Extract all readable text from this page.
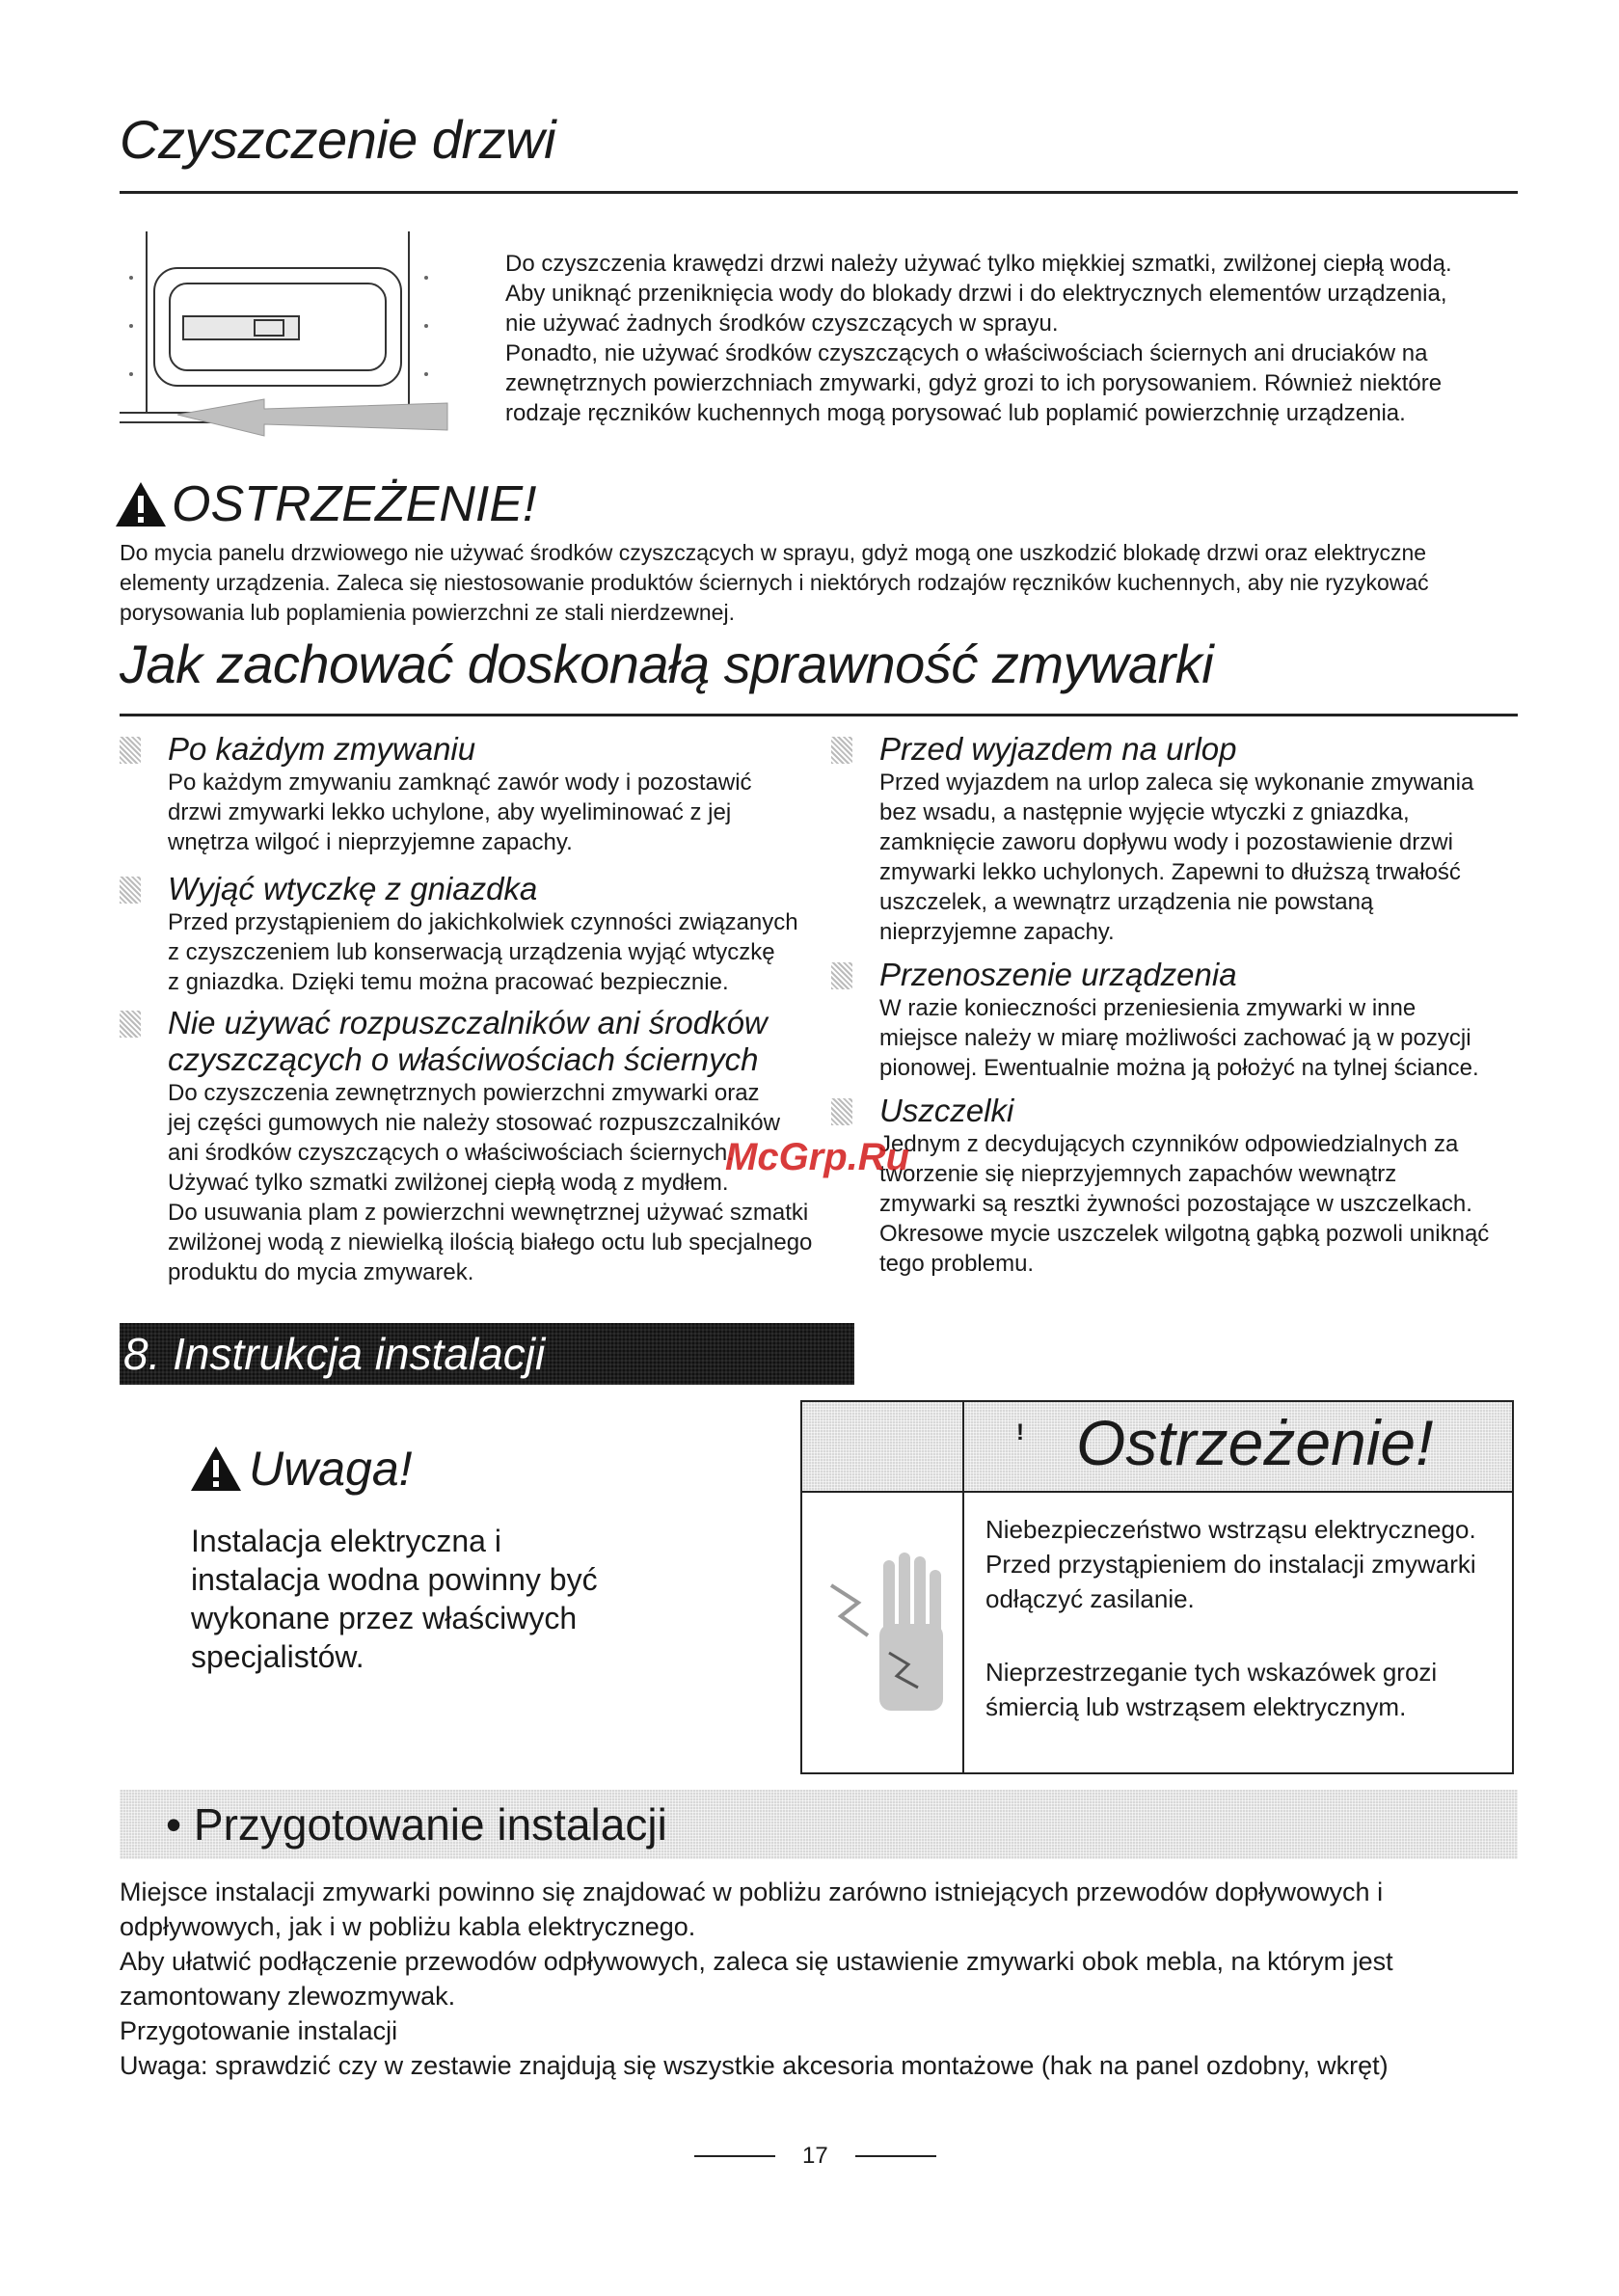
Czyszczenie drzwi
Do czyszczenia krawędzi drzwi należy używać tylko miękkiej szmatki, zwilżonej ciepłą wodą.
Aby uniknąć przeniknięcia wody do blokady drzwi i do elektrycznych elementów urządzenia,
nie używać żadnych środków czyszczących w sprayu.
Ponadto, nie używać środków czyszczących o właściwościach ściernych ani druciaków na
zewnętrznych powierzchniach zmywarki, gdyż grozi to ich porysowaniem. Również niektóre
rodzaje ręczników kuchennych mogą porysować lub poplamić powierzchnię urządzenia.
OSTRZEŻENIE!
Do mycia panelu drzwiowego nie używać środków czyszczących w sprayu, gdyż mogą one uszkodzić blokadę drzwi oraz elektryczne
elementy urządzenia. Zaleca się niestosowanie produktów ściernych i niektórych rodzajów ręczników kuchennych, aby nie ryzykować
porysowania lub poplamienia powierzchni ze stali nierdzewnej.
Jak zachować doskonałą sprawność zmywarki
Po każdym zmywaniu
Po każdym zmywaniu zamknąć zawór wody i pozostawić
drzwi zmywarki lekko uchylone, aby wyeliminować z jej
wnętrza wilgoć i nieprzyjemne zapachy.
Wyjąć wtyczkę z gniazdka
Przed przystąpieniem do jakichkolwiek czynności związanych
z czyszczeniem lub konserwacją urządzenia wyjąć wtyczkę
z gniazdka. Dzięki temu można pracować bezpiecznie.
Nie używać rozpuszczalników ani środków
czyszczących o właściwościach ściernych
Do czyszczenia zewnętrznych powierzchni zmywarki oraz
jej części gumowych nie należy stosować rozpuszczalników
ani środków czyszczących o właściwościach ściernych.
Używać tylko szmatki zwilżonej ciepłą wodą z mydłem.
Do usuwania plam z powierzchni wewnętrznej używać szmatki
zwilżonej wodą z niewielką ilością białego octu lub specjalnego
produktu do mycia zmywarek.
Przed wyjazdem na urlop
Przed wyjazdem na urlop zaleca się wykonanie zmywania
bez wsadu, a następnie wyjęcie wtyczki z gniazdka,
zamknięcie zaworu dopływu wody i pozostawienie drzwi
zmywarki lekko uchylonych. Zapewni to dłuższą trwałość
uszczelek, a wewnątrz urządzenia nie powstaną
nieprzyjemne zapachy.
Przenoszenie urządzenia
W razie konieczności przeniesienia zmywarki w inne
miejsce należy w miarę możliwości zachować ją w pozycji
pionowej. Ewentualnie można ją położyć na tylnej ściance.
Uszczelki
Jednym z decydujących czynników odpowiedzialnych za
tworzenie się nieprzyjemnych zapachów wewnątrz
zmywarki są resztki żywności pozostające w uszczelkach.
Okresowe mycie uszczelek wilgotną gąbką pozwoli uniknąć
tego problemu.
McGrp.Ru
8. Instrukcja instalacji
Uwaga!
Instalacja elektryczna i
instalacja wodna powinny być
wykonane przez właściwych
specjalistów.
! Ostrzeżenie!
Niebezpieczeństwo wstrząsu elektrycznego.
Przed przystąpieniem do instalacji zmywarki
odłączyć zasilanie.
Nieprzestrzeganie tych wskazówek grozi
śmiercią lub wstrząsem elektrycznym.
• Przygotowanie instalacji
Miejsce instalacji zmywarki powinno się znajdować w pobliżu zarówno istniejących przewodów dopływowych i
odpływowych, jak i w pobliżu kabla elektrycznego.
Aby ułatwić podłączenie przewodów odpływowych, zaleca się ustawienie zmywarki obok mebla, na którym jest
zamontowany zlewozmywak.
Przygotowanie instalacji
Uwaga: sprawdzić czy w zestawie znajdują się wszystkie akcesoria montażowe (hak na panel ozdobny, wkręt)
17
